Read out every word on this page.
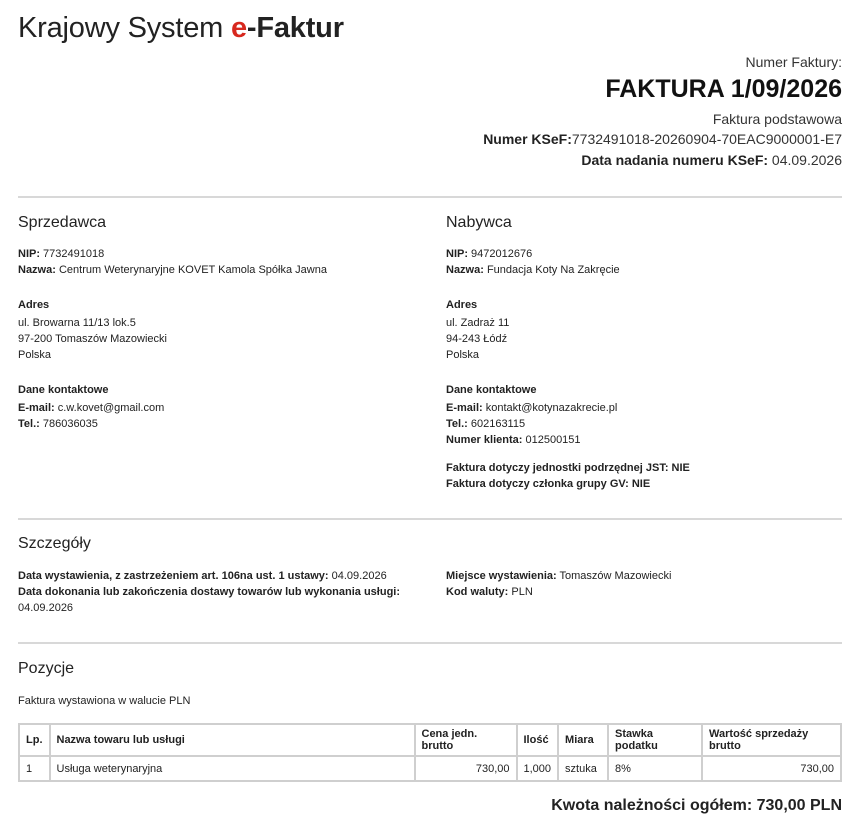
Krajowy System e-Faktur
Numer Faktury:
FAKTURA 1/09/2026
Faktura podstawowa
Numer KSeF:7732491018-20260904-70EAC9000001-E7
Data nadania numeru KSeF: 04.09.2026
Sprzedawca
NIP: 7732491018
Nazwa: Centrum Weterynaryjne KOVET Kamola Spółka Jawna
Adres
ul. Browarna 11/13 lok.5
97-200 Tomaszów Mazowiecki
Polska
Dane kontaktowe
E-mail: c.w.kovet@gmail.com
Tel.: 786036035
Nabywca
NIP: 9472012676
Nazwa: Fundacja Koty Na Zakręcie
Adres
ul. Zadraż 11
94-243 Łódź
Polska
Dane kontaktowe
E-mail: kontakt@kotynazakrecie.pl
Tel.: 602163115
Numer klienta: 012500151
Faktura dotyczy jednostki podrzędnej JST: NIE
Faktura dotyczy członka grupy GV: NIE
Szczegóły
Data wystawienia, z zastrzeżeniem art. 106na ust. 1 ustawy: 04.09.2026
Data dokonania lub zakończenia dostawy towarów lub wykonania usługi:
04.09.2026
Miejsce wystawienia: Tomaszów Mazowiecki
Kod waluty: PLN
Pozycje
Faktura wystawiona w walucie PLN
Lp.	Nazwa towaru lub usługi	Cena jedn. brutto	Ilość	Miara	Stawka podatku	Wartość sprzedaży brutto
1	Usługa weterynaryjna	730,00	1,000	sztuka	8%	730,00
Kwota należności ogółem: 730,00 PLN
